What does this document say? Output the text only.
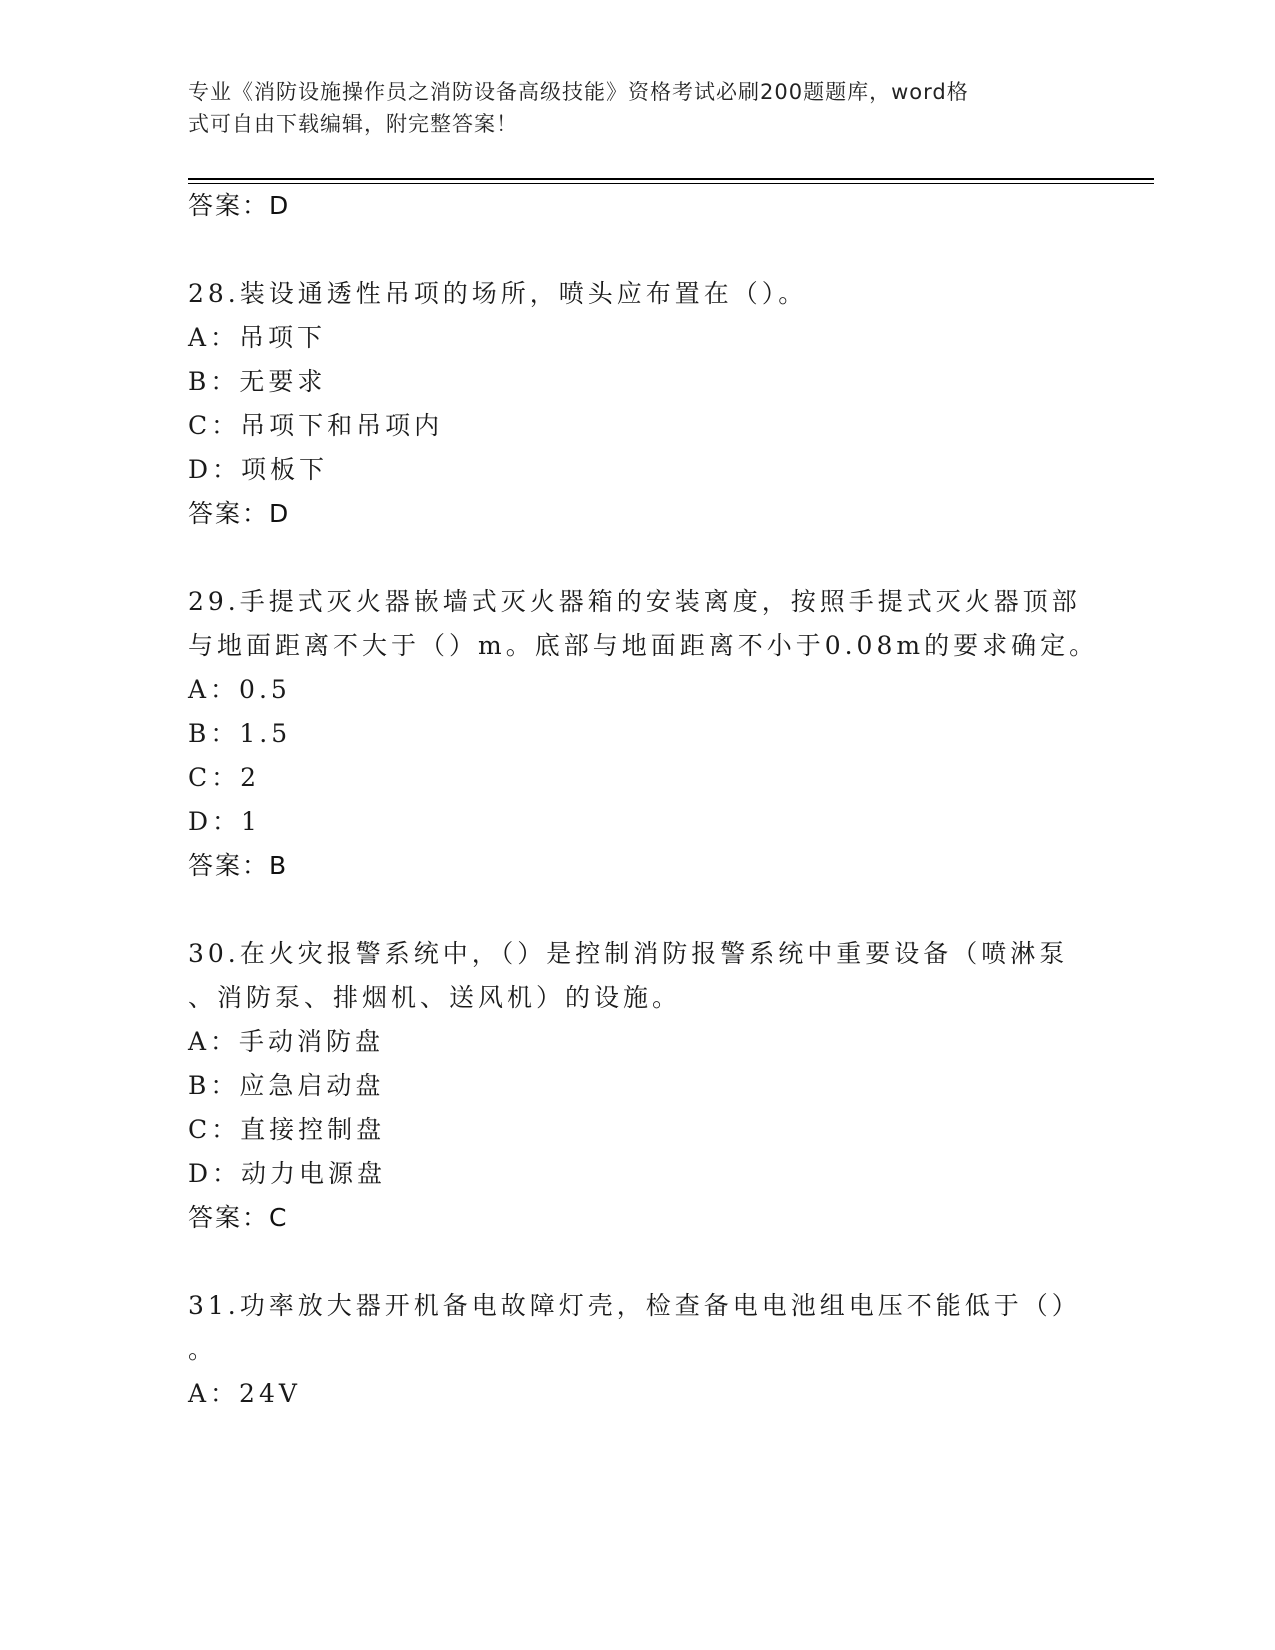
专业《消防设施操作员之消防设备高级技能》资格考试必刷200题题库，word格
式可自由下载编辑，附完整答案！
答案：D
28.装设通透性吊项的场所，喷头应布置在（）。
A：吊项下
B：无要求
C：吊项下和吊项内
D：项板下
答案：D
29.手提式灭火器嵌墙式灭火器箱的安装离度，按照手提式灭火器顶部
与地面距离不大于（）m。底部与地面距离不小于0.08m的要求确定。
A：0.5
B：1.5
C：2
D：1
答案：B
30.在火灾报警系统中，（）是控制消防报警系统中重要设备（喷淋泵
、消防泵、排烟机、送风机）的设施。
A：手动消防盘
B：应急启动盘
C：直接控制盘
D：动力电源盘
答案：C
31.功率放大器开机备电故障灯壳，检查备电电池组电压不能低于（）
。
A：24V
